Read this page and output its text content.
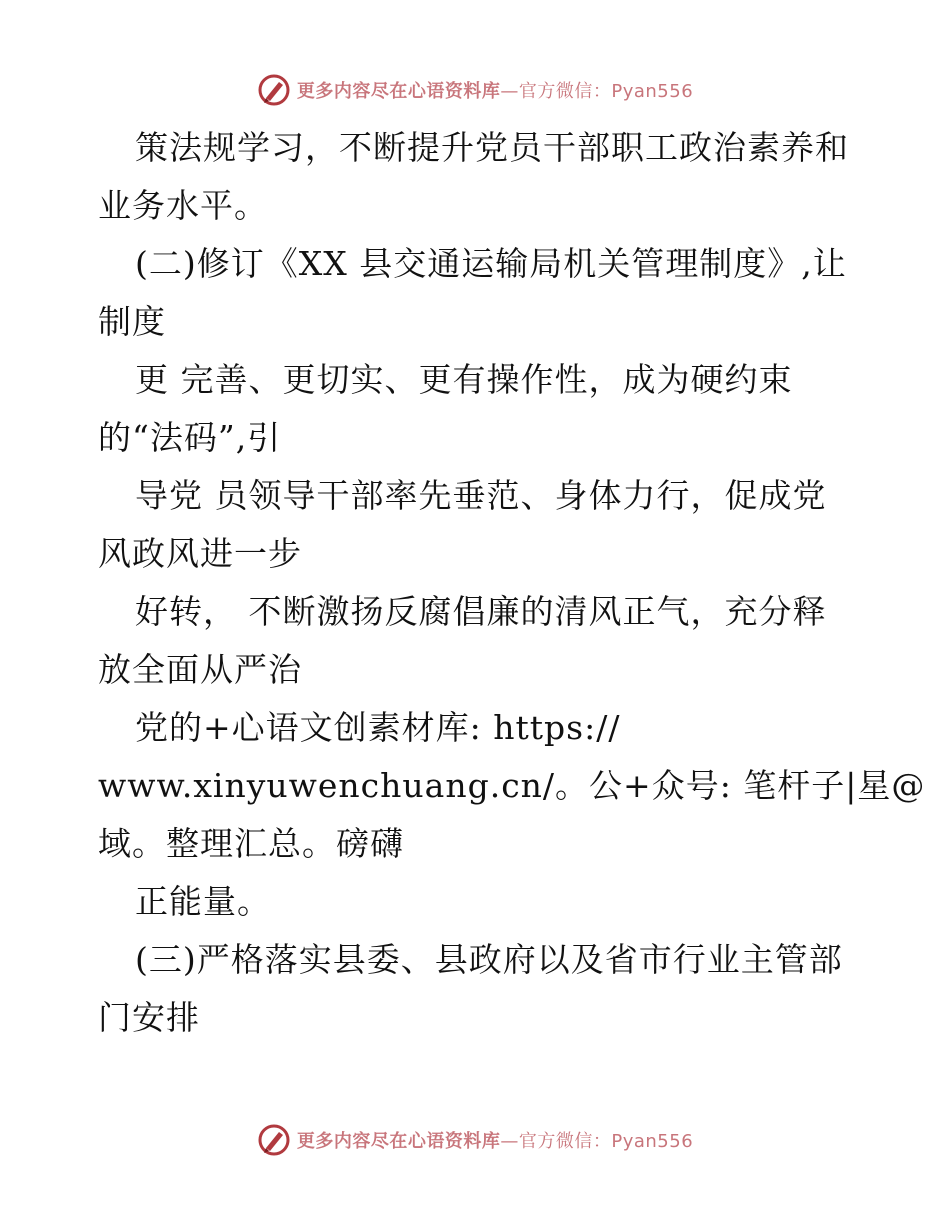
更多内容尽在心语资料库—官方微信：Pyan556
策法规学习，不断提升党员干部职工政治素养和
业务水平。
(二)修订《XX 县交通运输局机关管理制度》,让
制度
更 完善、更切实、更有操作性，成为硬约束
的“法码”,引
导党 员领导干部率先垂范、身体力行，促成党
风政风进一步
好转， 不断激扬反腐倡廉的清风正气，充分释
放全面从严治
党的+心语文创素材库: https://
www.xinyuwenchuang.cn/。公+众号: 笔杆子|星@
域。整理汇总。磅礴
正能量。
(三)严格落实县委、县政府以及省市行业主管部
门安排
更多内容尽在心语资料库—官方微信：Pyan556
